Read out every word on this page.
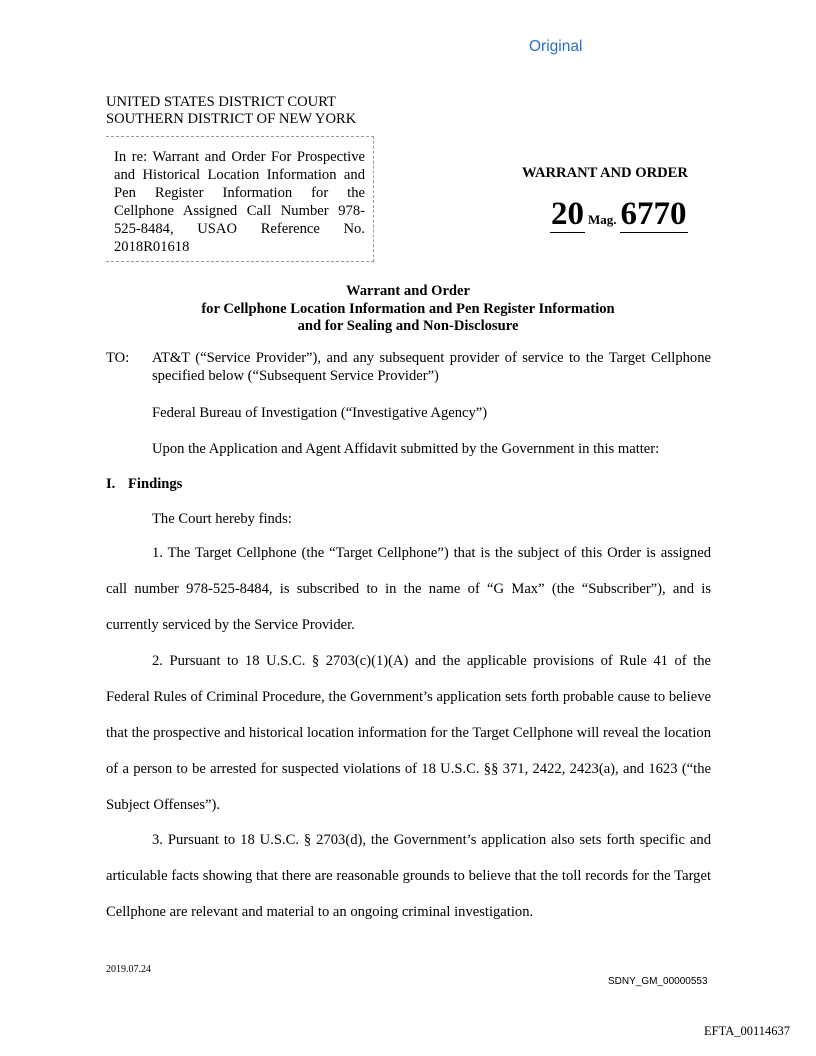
Original
UNITED STATES DISTRICT COURT
SOUTHERN DISTRICT OF NEW YORK
In re: Warrant and Order For Prospective and Historical Location Information and Pen Register Information for the Cellphone Assigned Call Number 978-525-8484, USAO Reference No. 2018R01618
WARRANT AND ORDER
20 Mag. 6770
Warrant and Order
for Cellphone Location Information and Pen Register Information
and for Sealing and Non-Disclosure
TO: AT&T (“Service Provider”), and any subsequent provider of service to the Target Cellphone specified below (“Subsequent Service Provider”)
Federal Bureau of Investigation (“Investigative Agency”)
Upon the Application and Agent Affidavit submitted by the Government in this matter:
I. Findings
The Court hereby finds:
1. The Target Cellphone (the “Target Cellphone”) that is the subject of this Order is assigned call number 978-525-8484, is subscribed to in the name of “G Max” (the “Subscriber”), and is currently serviced by the Service Provider.
2. Pursuant to 18 U.S.C. § 2703(c)(1)(A) and the applicable provisions of Rule 41 of the Federal Rules of Criminal Procedure, the Government’s application sets forth probable cause to believe that the prospective and historical location information for the Target Cellphone will reveal the location of a person to be arrested for suspected violations of 18 U.S.C. §§ 371, 2422, 2423(a), and 1623 (“the Subject Offenses”).
3. Pursuant to 18 U.S.C. § 2703(d), the Government’s application also sets forth specific and articulable facts showing that there are reasonable grounds to believe that the toll records for the Target Cellphone are relevant and material to an ongoing criminal investigation.
2019.07.24
SDNY_GM_00000553
EFTA_00114637
